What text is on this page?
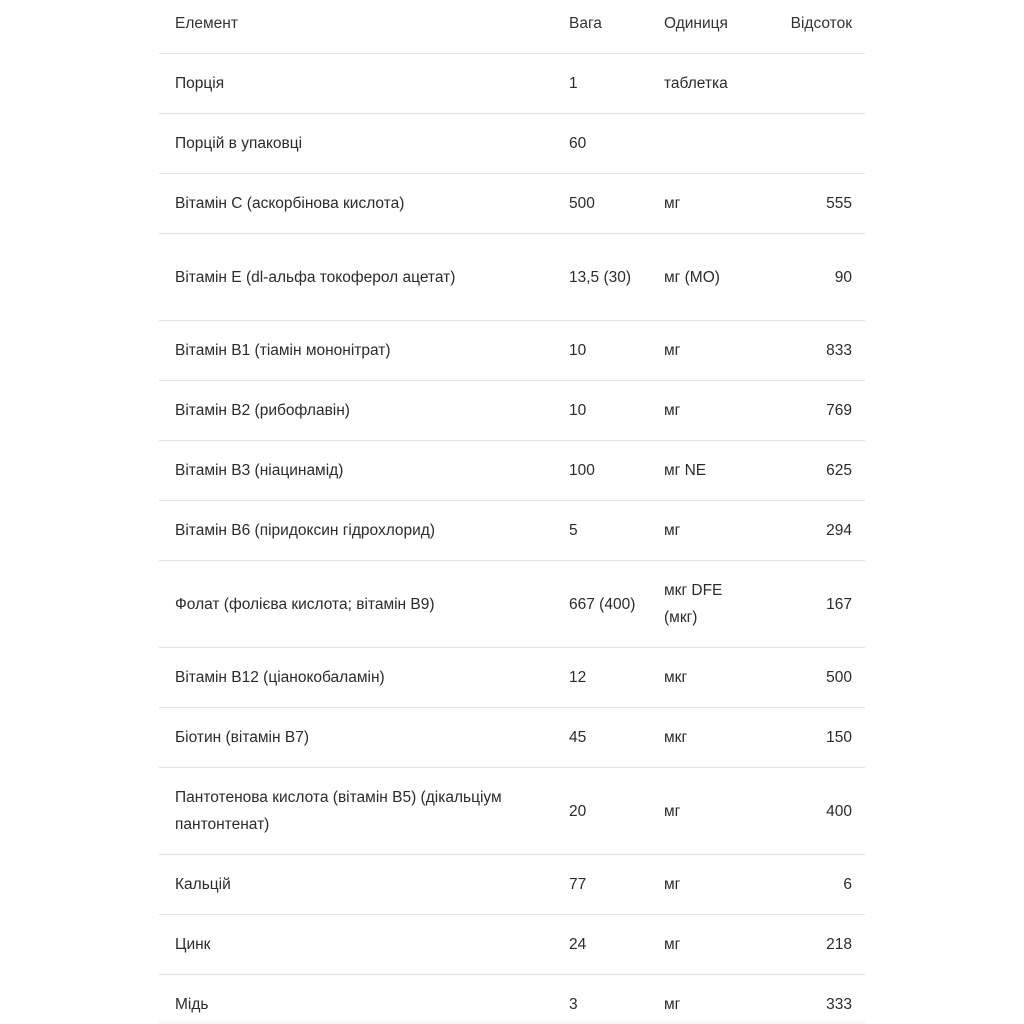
Елемент	Вага	Одиниця	Відсоток
Порція	1	таблетка	
Порцій в упаковці	60		
Вітамін С (аскорбінова кислота)	500	мг	555
Вітамін Е (dl-альфа токоферол ацетат)	13,5 (30)	мг (МО)	90
Вітамін В1 (тіамін мононітрат)	10	мг	833
Вітамін В2 (рибофлавін)	10	мг	769
Вітамін В3 (ніацинамід)	100	мг NE	625
Вітамін В6 (піридоксин гідрохлорид)	5	мг	294
Фолат (фолієва кислота; вітамін В9)	667 (400)	мкг DFE (мкг)	167
Вітамін В12 (ціанокобаламін)	12	мкг	500
Біотин (вітамін В7)	45	мкг	150
Пантотенова кислота (вітамін В5) (дікальціум пантонтенат)	20	мг	400
Кальцій	77	мг	6
Цинк	24	мг	218
Мідь	3	мг	333
